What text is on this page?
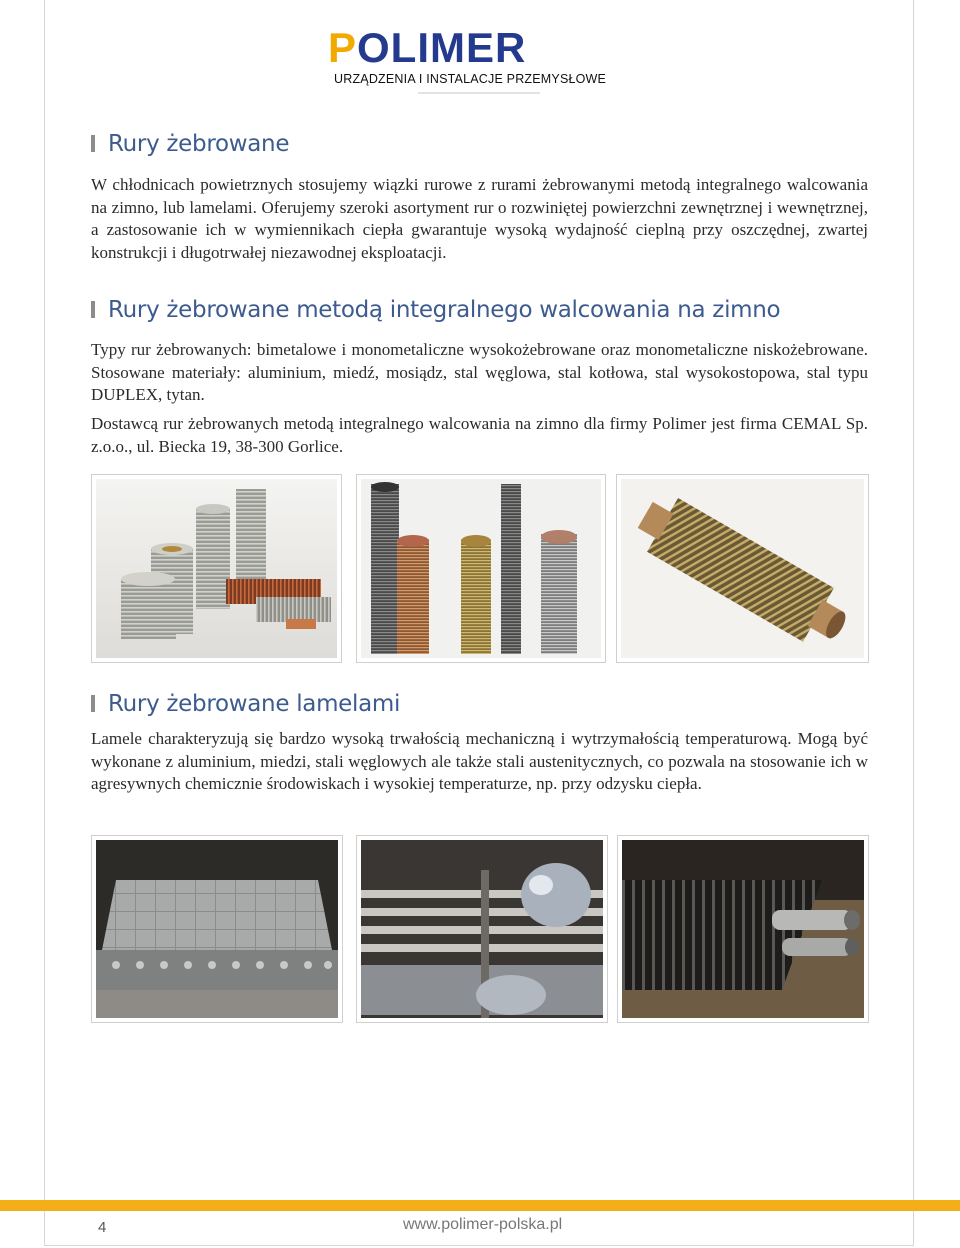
POLIMER
URZĄDZENIA I INSTALACJE PRZEMYSŁOWE
Rury żebrowane

W chłodnicach powietrznych stosujemy wiązki rurowe z rurami żebrowanymi metodą integralnego walcowania na zimno, lub lamelami. Oferujemy szeroki asortyment rur o rozwiniętej powierzchni zewnętrznej i wewnętrznej, a zastosowanie ich w wymiennikach ciepła gwarantuje wysoką wydajność cieplną przy oszczędnej, zwartej konstrukcji i długotrwałej niezawodnej eksploatacji.

Rury żebrowane metodą integralnego walcowania na zimno

Typy rur żebrowanych: bimetalowe i monometaliczne wysokożebrowane oraz monometaliczne niskożebrowane. Stosowane materiały: aluminium, miedź, mosiądz, stal węglowa, stal kotłowa, stal wysokostopowa, stal typu DUPLEX, tytan.

Dostawcą rur żebrowanych metodą integralnego walcowania na zimno dla firmy Polimer jest firma CEMAL Sp. z.o.o., ul. Biecka 19, 38-300 Gorlice.

Rury żebrowane lamelami

Lamele charakteryzują się bardzo wysoką trwałością mechaniczną i wytrzymałością temperaturową. Mogą być wykonane z aluminium, miedzi, stali węglowych ale także stali austenitycznych, co pozwala na stosowanie ich w agresywnych chemicznie środowiskach i wysokiej temperaturze, np. przy odzysku ciepła.

4	www.polimer-polska.pl
